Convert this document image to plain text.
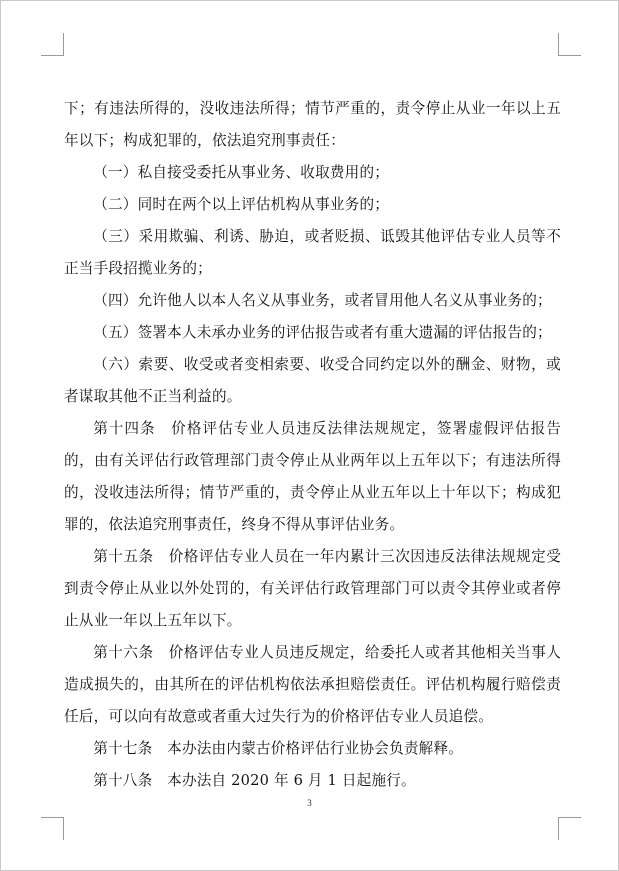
下；有违法所得的，没收违法所得；情节严重的，责令停止从业一年以上五年以下；构成犯罪的，依法追究刑事责任：

（一）私自接受委托从事业务、收取费用的；

（二）同时在两个以上评估机构从事业务的；

（三）采用欺骗、利诱、胁迫，或者贬损、诋毁其他评估专业人员等不正当手段招揽业务的；

（四）允许他人以本人名义从事业务，或者冒用他人名义从事业务的；

（五）签署本人未承办业务的评估报告或者有重大遗漏的评估报告的；

（六）索要、收受或者变相索要、收受合同约定以外的酬金、财物，或者谋取其他不正当利益的。

第十四条　价格评估专业人员违反法律法规规定，签署虚假评估报告的，由有关评估行政管理部门责令停止从业两年以上五年以下；有违法所得的，没收违法所得；情节严重的，责令停止从业五年以上十年以下；构成犯罪的，依法追究刑事责任，终身不得从事评估业务。

第十五条　价格评估专业人员在一年内累计三次因违反法律法规规定受到责令停止从业以外处罚的，有关评估行政管理部门可以责令其停业或者停止从业一年以上五年以下。

第十六条　价格评估专业人员违反规定，给委托人或者其他相关当事人造成损失的，由其所在的评估机构依法承担赔偿责任。评估机构履行赔偿责任后，可以向有故意或者重大过失行为的价格评估专业人员追偿。

第十七条　本办法由内蒙古价格评估行业协会负责解释。

第十八条　本办法自 2020 年 6 月 1 日起施行。

3
